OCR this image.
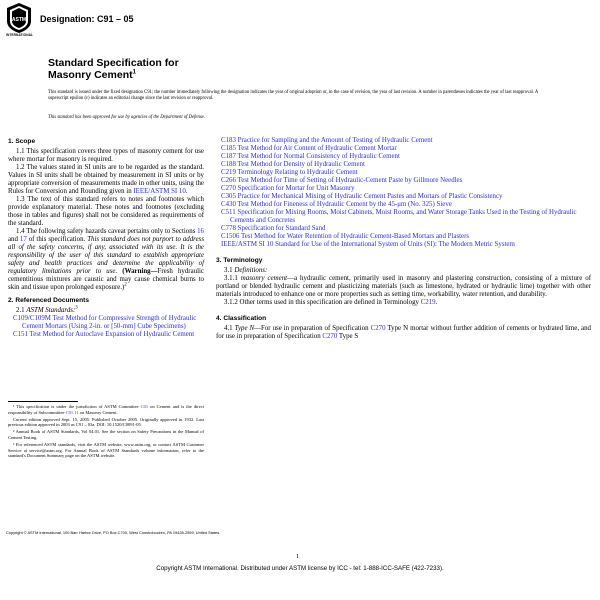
ASTM
INTERNATIONAL
Designation: C91 – 05
Standard Specification for
Masonry Cement$^1$
This standard is issued under the fixed designation C91; the number immediately following the designation indicates the year of original adoption or, in the case of revision, the year of last revision. A number in parentheses indicates the year of last reapproval. A superscript epsilon (ε) indicates an editorial change since the last revision or reapproval.
This standard has been approved for use by agencies of the Department of Defense.

1. Scope

1.1 This specification covers three types of masonry cement for use where mortar for masonry is required.

1.2 The values stated in SI units are to be regarded as the standard. Values in SI units shall be obtained by measurement in SI units or by appropriate conversion of measurements made in other units, using the Rules for Conversion and Rounding given in IEEE/ASTM SI 10.

1.3 The text of this standard refers to notes and footnotes which provide explanatory material. These notes and footnotes (excluding those in tables and figures) shall not be considered as requirements of the standard.

1.4 The following safety hazards caveat pertains only to Sections 16 and 17 of this specification. This standard does not purport to address all of the safety concerns, if any, associated with its use. It is the responsibility of the user of this standard to establish appropriate safety and health practices and determine the applicability of regulatory limitations prior to use. (Warning—Fresh hydraulic cementitious mixtures are caustic and may cause chemical burns to skin and tissue upon prolonged exposure.)$^2$

2. Referenced Documents

2.1 ASTM Standards:$^3$

C109/C109M Test Method for Compressive Strength of Hydraulic Cement Mortars (Using 2-in. or [50-mm] Cube Specimens)

C151 Test Method for Autoclave Expansion of Hydraulic Cement

¹ This specification is under the jurisdiction of ASTM Committee C01 on Cement and is the direct responsibility of Subcommittee C01.11 on Masonry Cement.

Current edition approved Sept. 15, 2005. Published October 2005. Originally approved in 1932. Last previous edition approved in 2003 as C91 – 03a. DOI: 10.1520/C0091-05.

² Annual Book of ASTM Standards, Vol 04.01. See the section on Safety Precautions in the Manual of Cement Testing.

³ For referenced ASTM standards, visit the ASTM website, www.astm.org, or contact ASTM Customer Service at service@astm.org. For Annual Book of ASTM Standards volume information, refer to the standard's Document Summary page on the ASTM website.

C183 Practice for Sampling and the Amount of Testing of Hydraulic Cement

C185 Test Method for Air Content of Hydraulic Cement Mortar

C187 Test Method for Normal Consistency of Hydraulic Cement

C188 Test Method for Density of Hydraulic Cement

C219 Terminology Relating to Hydraulic Cement

C266 Test Method for Time of Setting of Hydraulic-Cement Paste by Gillmore Needles

C270 Specification for Mortar for Unit Masonry

C305 Practice for Mechanical Mixing of Hydraulic Cement Pastes and Mortars of Plastic Consistency

C430 Test Method for Fineness of Hydraulic Cement by the 45-μm (No. 325) Sieve

C511 Specification for Mixing Rooms, Moist Cabinets, Moist Rooms, and Water Storage Tanks Used in the Testing of Hydraulic Cements and Concretes

C778 Specification for Standard Sand

C1506 Test Method for Water Retention of Hydraulic Cement-Based Mortars and Plasters

IEEE/ASTM SI 10 Standard for Use of the International System of Units (SI): The Modern Metric System

3. Terminology

3.1 Definitions:

3.1.1 masonry cement—a hydraulic cement, primarily used in masonry and plastering construction, consisting of a mixture of portland or blended hydraulic cement and plasticizing materials (such as limestone, hydrated or hydraulic lime) together with other materials introduced to enhance one or more properties such as setting time, workability, water retention, and durability.

3.1.2 Other terms used in this specification are defined in Terminology C219.

4. Classification

4.1 Type N—For use in preparation of Specification C270 Type N mortar without further addition of cements or hydrated lime, and for use in preparation of Specification C270 Type S

Copyright © ASTM International, 100 Barr Harbor Drive, PO Box C700, West Conshohocken, PA 19428-2959, United States.
1
Copyright ASTM International. Distributed under ASTM license by ICC - tel: 1-888-ICC-SAFE (422-7233).
